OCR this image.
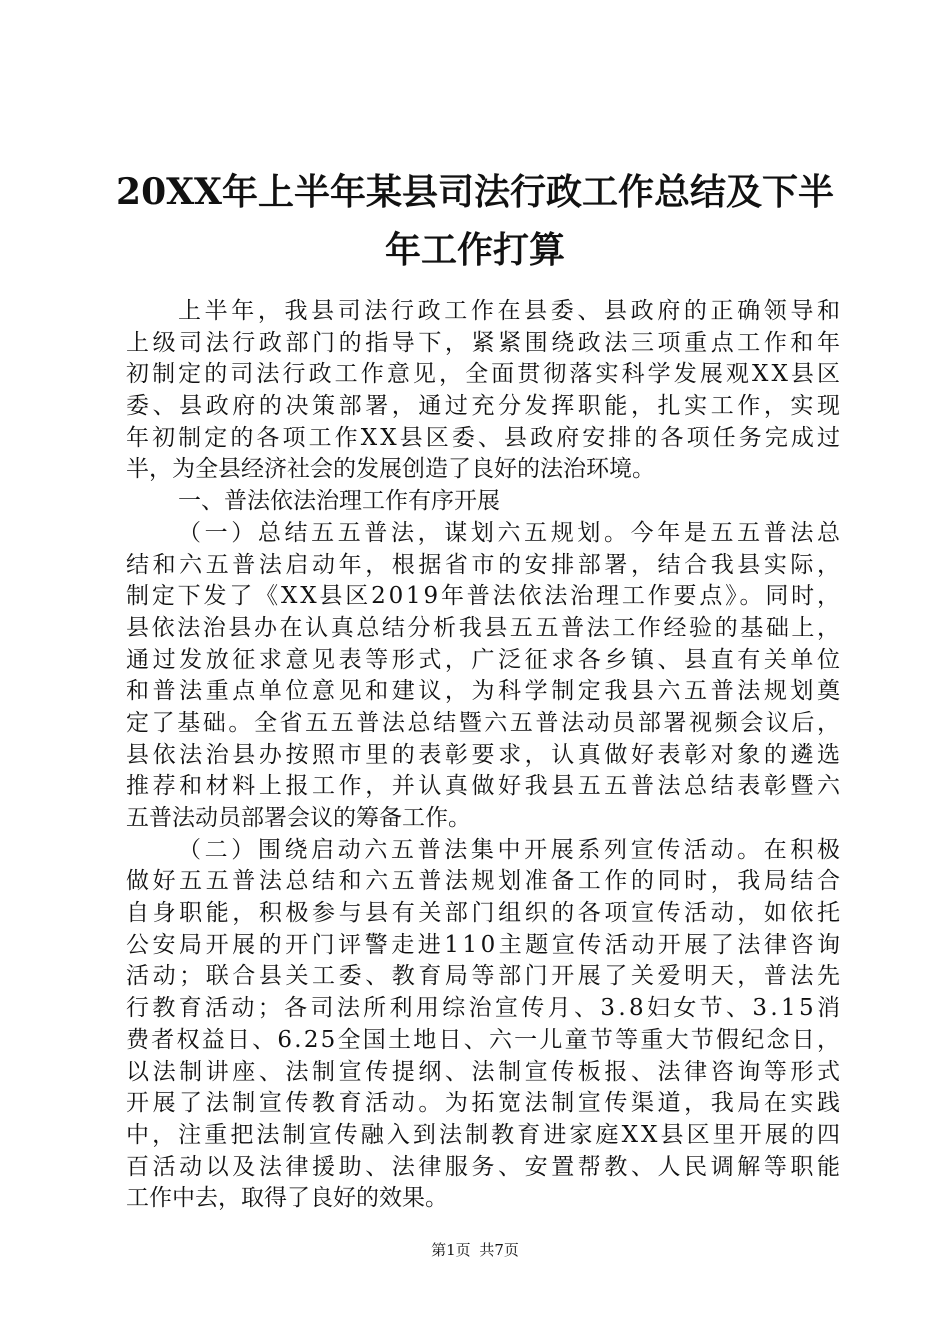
20XX年上半年某县司法行政工作总结及下半
年工作打算
上半年，我县司法行政工作在县委、县政府的正确领导和
上级司法行政部门的指导下，紧紧围绕政法三项重点工作和年
初制定的司法行政工作意见，全面贯彻落实科学发展观XX县区
委、县政府的决策部署，通过充分发挥职能，扎实工作，实现
年初制定的各项工作XX县区委、县政府安排的各项任务完成过
半，为全县经济社会的发展创造了良好的法治环境。
一、普法依法治理工作有序开展
（一）总结五五普法，谋划六五规划。今年是五五普法总
结和六五普法启动年，根据省市的安排部署，结合我县实际，
制定下发了《XX县区2019年普法依法治理工作要点》。同时，
县依法治县办在认真总结分析我县五五普法工作经验的基础上，
通过发放征求意见表等形式，广泛征求各乡镇、县直有关单位
和普法重点单位意见和建议，为科学制定我县六五普法规划奠
定了基础。全省五五普法总结暨六五普法动员部署视频会议后，
县依法治县办按照市里的表彰要求，认真做好表彰对象的遴选
推荐和材料上报工作，并认真做好我县五五普法总结表彰暨六
五普法动员部署会议的筹备工作。
（二）围绕启动六五普法集中开展系列宣传活动。在积极
做好五五普法总结和六五普法规划准备工作的同时，我局结合
自身职能，积极参与县有关部门组织的各项宣传活动，如依托
公安局开展的开门评警走进110主题宣传活动开展了法律咨询
活动；联合县关工委、教育局等部门开展了关爱明天，普法先
行教育活动；各司法所利用综治宣传月、3.8妇女节、3.15消
费者权益日、6.25全国土地日、六一儿童节等重大节假纪念日，
以法制讲座、法制宣传提纲、法制宣传板报、法律咨询等形式
开展了法制宣传教育活动。为拓宽法制宣传渠道，我局在实践
中，注重把法制宣传融入到法制教育进家庭XX县区里开展的四
百活动以及法律援助、法律服务、安置帮教、人民调解等职能
工作中去，取得了良好的效果。
第1页 共7页
